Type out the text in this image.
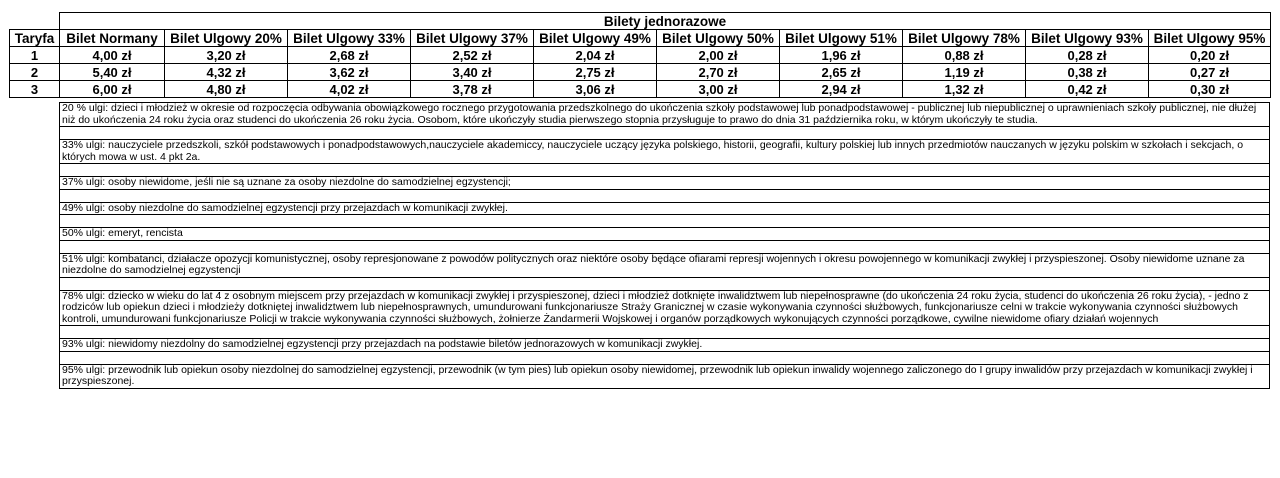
	Bilety jednorazowe									
Taryfa	Bilet Normany	Bilet Ulgowy 20%	Bilet Ulgowy 33%	Bilet Ulgowy 37%	Bilet Ulgowy 49%	Bilet Ulgowy 50%	Bilet Ulgowy 51%	Bilet Ulgowy 78%	Bilet Ulgowy 93%	Bilet Ulgowy 95%
1	4,00 zł	3,20 zł	2,68 zł	2,52 zł	2,04 zł	2,00 zł	1,96 zł	0,88 zł	0,28 zł	0,20 zł
2	5,40 zł	4,32 zł	3,62 zł	3,40 zł	2,75 zł	2,70 zł	2,65 zł	1,19 zł	0,38 zł	0,27 zł
3	6,00 zł	4,80 zł	4,02 zł	3,78 zł	3,06 zł	3,00 zł	2,94 zł	1,32 zł	0,42 zł	0,30 zł
20 % ulgi: dzieci i młodzież w okresie od rozpoczęcia odbywania obowiązkowego rocznego przygotowania przedszkolnego do ukończenia szkoły podstawowej lub ponadpodstawowej - publicznej lub niepublicznej o uprawnieniach szkoły publicznej, nie dłużej niż do ukończenia 24 roku życia oraz studenci do ukończenia 26 roku życia. Osobom, które ukończyły studia pierwszego stopnia przysługuje to prawo do dnia 31 października roku, w którym ukończyły te studia.
33% ulgi: nauczyciele przedszkoli, szkół podstawowych i ponadpodstawowych,nauczyciele akademiccy, nauczyciele uczący języka polskiego, historii, geografii, kultury polskiej lub innych przedmiotów nauczanych w języku polskim w szkołach i sekcjach, o których mowa w ust. 4 pkt 2a.
37% ulgi: osoby niewidome, jeśli nie są uznane za osoby niezdolne do samodzielnej egzystencji;
49% ulgi: osoby niezdolne do samodzielnej egzystencji przy przejazdach w komunikacji zwykłej.
50% ulgi: emeryt, rencista
51% ulgi: kombatanci, działacze opozycji komunistycznej, osoby represjonowane z powodów politycznych oraz niektóre osoby będące ofiarami represji wojennych i okresu powojennego w komunikacji zwykłej i przyspieszonej. Osoby niewidome uznane za niezdolne do samodzielnej egzystencji
78% ulgi: dziecko w wieku do lat 4 z osobnym miejscem przy przejazdach w komunikacji zwykłej i przyspieszonej, dzieci i młodzież dotknięte inwalidztwem lub niepełnosprawne (do ukończenia 24 roku życia, studenci do ukończenia 26 roku życia), - jedno z rodziców lub opiekun dzieci i młodzieży dotkniętej inwalidztwem lub niepełnosprawnych, umundurowani funkcjonariusze Straży Granicznej w czasie wykonywania czynności służbowych, funkcjonariusze celni w trakcie wykonywania czynności służbowych kontroli, umundurowani funkcjonariusze Policji w trakcie wykonywania czynności służbowych, żołnierze Żandarmerii Wojskowej i organów porządkowych wykonujących czynności porządkowe, cywilne niewidome ofiary działań wojennych
93% ulgi: niewidomy niezdolny do samodzielnej egzystencji przy przejazdach na podstawie biletów jednorazowych w komunikacji zwykłej.
95% ulgi: przewodnik lub opiekun osoby niezdolnej do samodzielnej egzystencji, przewodnik (w tym pies) lub opiekun osoby niewidomej, przewodnik lub opiekun inwalidy wojennego zaliczonego do I grupy inwalidów przy przejazdach w komunikacji zwykłej i przyspieszonej.
